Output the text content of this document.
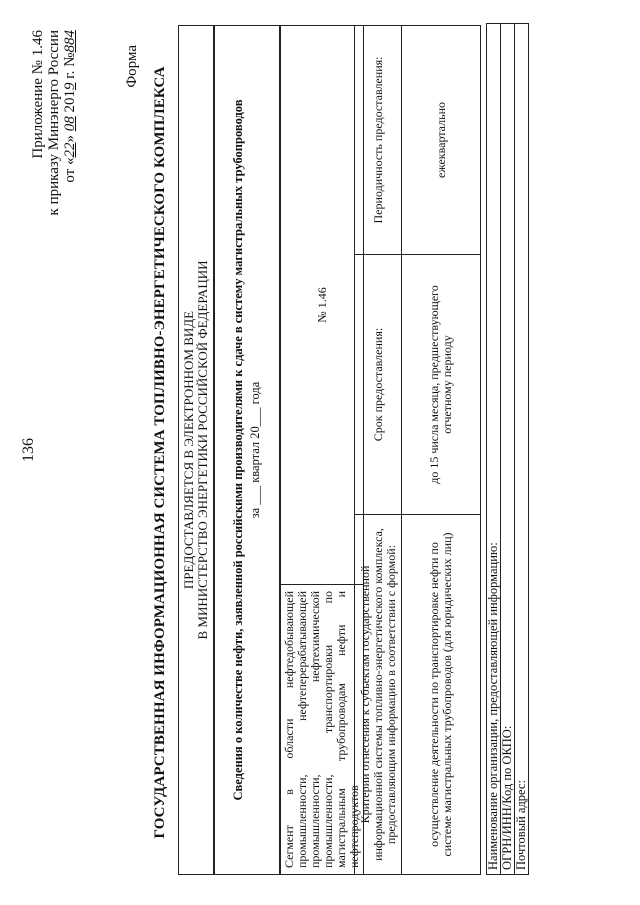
136
Приложение № 1.46 к приказу Минэнерго России от «22» 08 2019 г. №884
Форма
ГОСУДАРСТВЕННАЯ ИНФОРМАЦИОННАЯ СИСТЕМА ТОПЛИВНО-ЭНЕРГЕТИЧЕСКОГО КОМПЛЕКСА ПРЕДОСТАВЛЯЕТСЯ В ЭЛЕКТРОННОМ ВИДЕ В МИНИСТЕРСТВО ЭНЕРГЕТИКИ РОССИЙСКОЙ ФЕДЕРАЦИИ Сведения о количестве нефти, заявленной российскими производителями к сдаче в систему магистральных трубопроводов за ___ квартал 20___ года
Сегмент в области нефтедобывающей промышленности, нефтеперерабатывающей промышленности, нефтехимической промышленности, транспортировки по магистральным трубопроводам нефти и нефтепродуктов	№ 1.46
Критерии отнесения к субъектам государственной информационной системы топливно-энергетического комплекса, предоставляющим информацию в соответствии с формой:	Срок предоставления:	Периодичность предоставления:
осуществление деятельности по транспортировке нефти по системе магистральных трубопроводов (для юридических лиц)	до 15 числа месяца, предшествующего отчетному периоду	ежеквартально
Наименование организации, предоставляющей информацию: ОГРН/ИНН/Код по ОКПО: Почтовый адрес:
